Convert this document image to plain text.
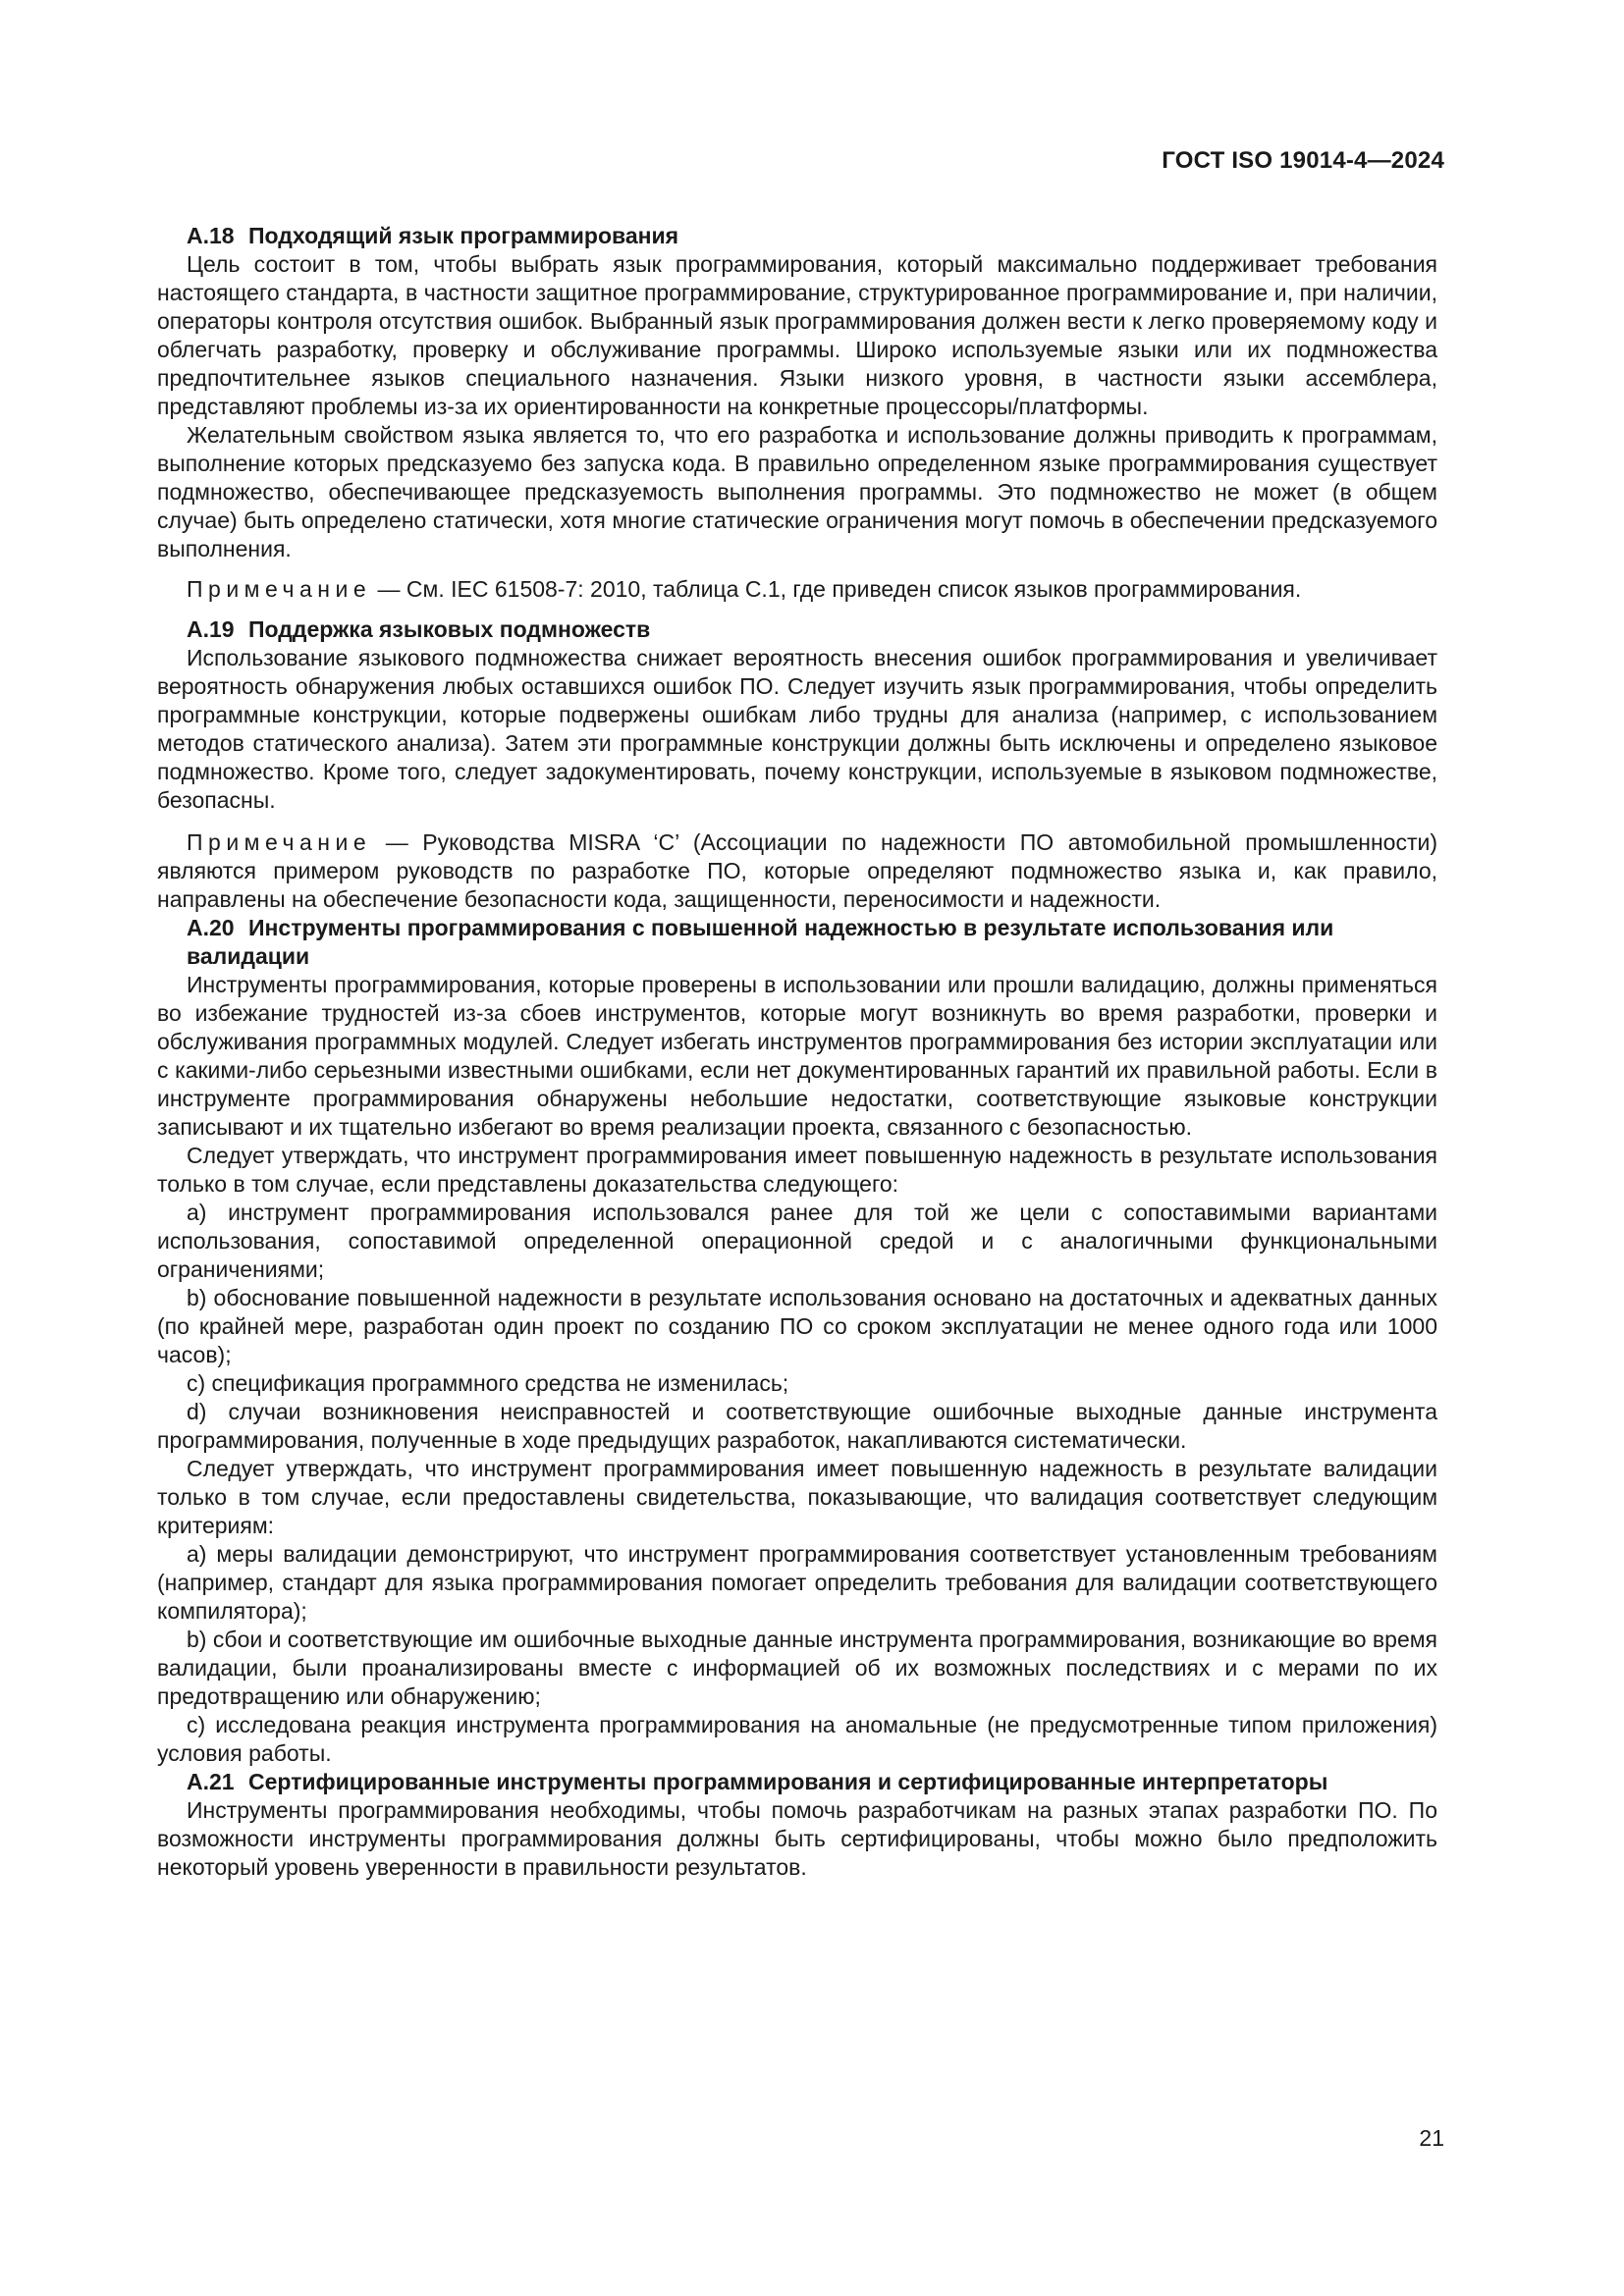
ГОСТ ISO 19014-4—2024
A.18 Подходящий язык программирования

Цель состоит в том, чтобы выбрать язык программирования, который максимально поддерживает требования настоящего стандарта, в частности защитное программирование, структурированное программирование и, при наличии, операторы контроля отсутствия ошибок. Выбранный язык программирования должен вести к легко проверяемому коду и облегчать разработку, проверку и обслуживание программы. Широко используемые языки или их подмножества предпочтительнее языков специального назначения. Языки низкого уровня, в частности языки ассемблера, представляют проблемы из-за их ориентированности на конкретные процессоры/платформы.

Желательным свойством языка является то, что его разработка и использование должны приводить к программам, выполнение которых предсказуемо без запуска кода. В правильно определенном языке программирования существует подмножество, обеспечивающее предсказуемость выполнения программы. Это подмножество не может (в общем случае) быть определено статически, хотя многие статические ограничения могут помочь в обеспечении предсказуемого выполнения.

Примечание — См. IEC 61508-7: 2010, таблица С.1, где приведен список языков программирования.

A.19 Поддержка языковых подмножеств

Использование языкового подмножества снижает вероятность внесения ошибок программирования и увеличивает вероятность обнаружения любых оставшихся ошибок ПО. Следует изучить язык программирования, чтобы определить программные конструкции, которые подвержены ошибкам либо трудны для анализа (например, с использованием методов статического анализа). Затем эти программные конструкции должны быть исключены и определено языковое подмножество. Кроме того, следует задокументировать, почему конструкции, используемые в языковом подмножестве, безопасны.

Примечание — Руководства MISRA ‘C’ (Ассоциации по надежности ПО автомобильной промышленности) являются примером руководств по разработке ПО, которые определяют подмножество языка и, как правило, направлены на обеспечение безопасности кода, защищенности, переносимости и надежности.

A.20 Инструменты программирования с повышенной надежностью в результате использования или валидации

Инструменты программирования, которые проверены в использовании или прошли валидацию, должны применяться во избежание трудностей из-за сбоев инструментов, которые могут возникнуть во время разработки, проверки и обслуживания программных модулей. Следует избегать инструментов программирования без истории эксплуатации или с какими-либо серьезными известными ошибками, если нет документированных гарантий их правильной работы. Если в инструменте программирования обнаружены небольшие недостатки, соответствующие языковые конструкции записывают и их тщательно избегают во время реализации проекта, связанного с безопасностью.

Следует утверждать, что инструмент программирования имеет повышенную надежность в результате использования только в том случае, если представлены доказательства следующего:

a) инструмент программирования использовался ранее для той же цели с сопоставимыми вариантами использования, сопоставимой определенной операционной средой и с аналогичными функциональными ограничениями;

b) обоснование повышенной надежности в результате использования основано на достаточных и адекватных данных (по крайней мере, разработан один проект по созданию ПО со сроком эксплуатации не менее одного года или 1000 часов);

c) спецификация программного средства не изменилась;

d) случаи возникновения неисправностей и соответствующие ошибочные выходные данные инструмента программирования, полученные в ходе предыдущих разработок, накапливаются систематически.

Следует утверждать, что инструмент программирования имеет повышенную надежность в результате валидации только в том случае, если предоставлены свидетельства, показывающие, что валидация соответствует следующим критериям:

a) меры валидации демонстрируют, что инструмент программирования соответствует установленным требованиям (например, стандарт для языка программирования помогает определить требования для валидации соответствующего компилятора);

b) сбои и соответствующие им ошибочные выходные данные инструмента программирования, возникающие во время валидации, были проанализированы вместе с информацией об их возможных последствиях и с мерами по их предотвращению или обнаружению;

c) исследована реакция инструмента программирования на аномальные (не предусмотренные типом приложения) условия работы.

A.21 Сертифицированные инструменты программирования и сертифицированные интерпретаторы

Инструменты программирования необходимы, чтобы помочь разработчикам на разных этапах разработки ПО. По возможности инструменты программирования должны быть сертифицированы, чтобы можно было предположить некоторый уровень уверенности в правильности результатов.

21
